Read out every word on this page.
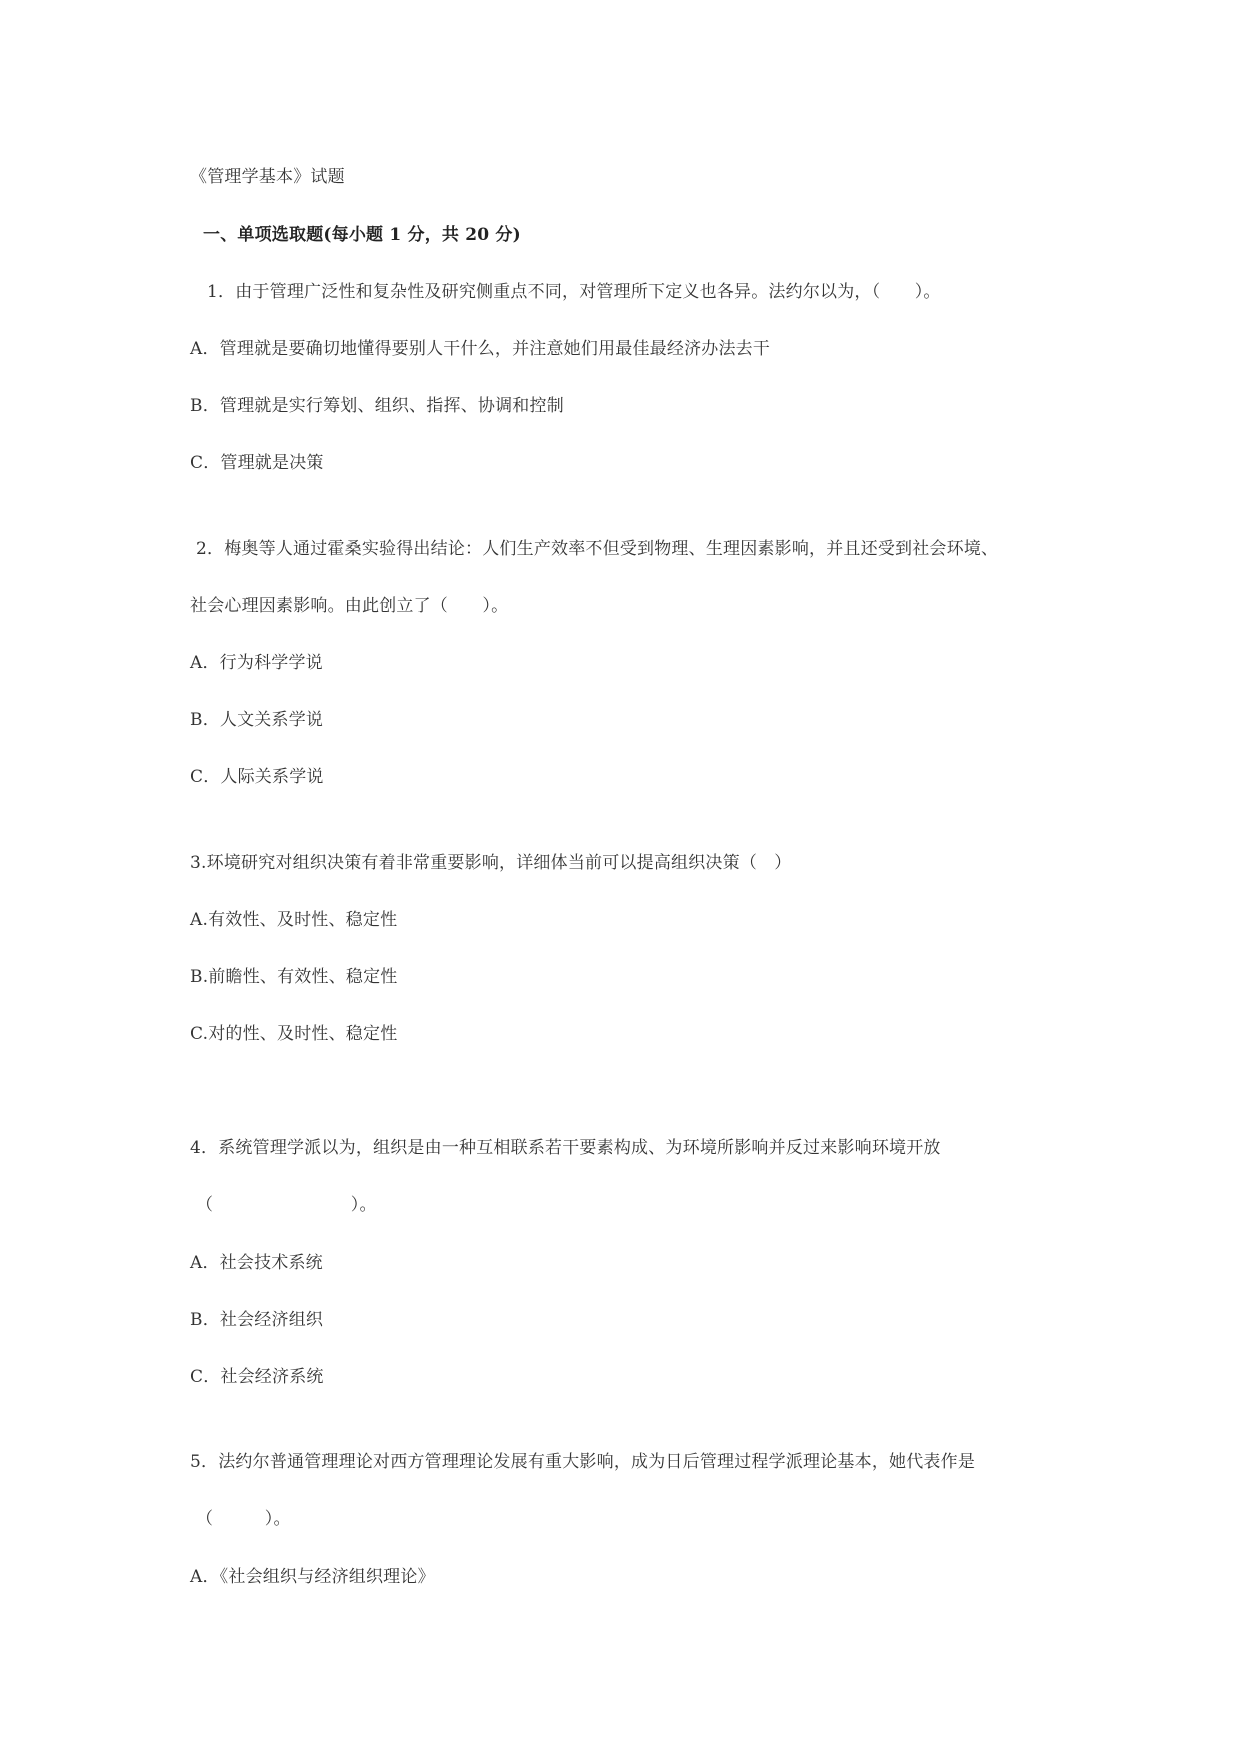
《管理学基本》试题
一、单项选取题(每小题 1 分，共 20 分)
1．由于管理广泛性和复杂性及研究侧重点不同，对管理所下定义也各异。法约尔以为，（　　）。
A．管理就是要确切地懂得要别人干什么，并注意她们用最佳最经济办法去干
B．管理就是实行筹划、组织、指挥、协调和控制
C．管理就是决策
2．梅奥等人通过霍桑实验得出结论：人们生产效率不但受到物理、生理因素影响，并且还受到社会环境、
社会心理因素影响。由此创立了（　　）。
A．行为科学学说
B．人文关系学说
C．人际关系学说
3.环境研究对组织决策有着非常重要影响，详细体当前可以提高组织决策（　）
A.有效性、及时性、稳定性
B.前瞻性、有效性、稳定性
C.对的性、及时性、稳定性
4．系统管理学派以为，组织是由一种互相联系若干要素构成、为环境所影响并反过来影响环境开放
（　　　　　　　　）。
A．社会技术系统
B．社会经济组织
C．社会经济系统
5．法约尔普通管理理论对西方管理理论发展有重大影响，成为日后管理过程学派理论基本，她代表作是
（　　　）。
A．《社会组织与经济组织理论》
